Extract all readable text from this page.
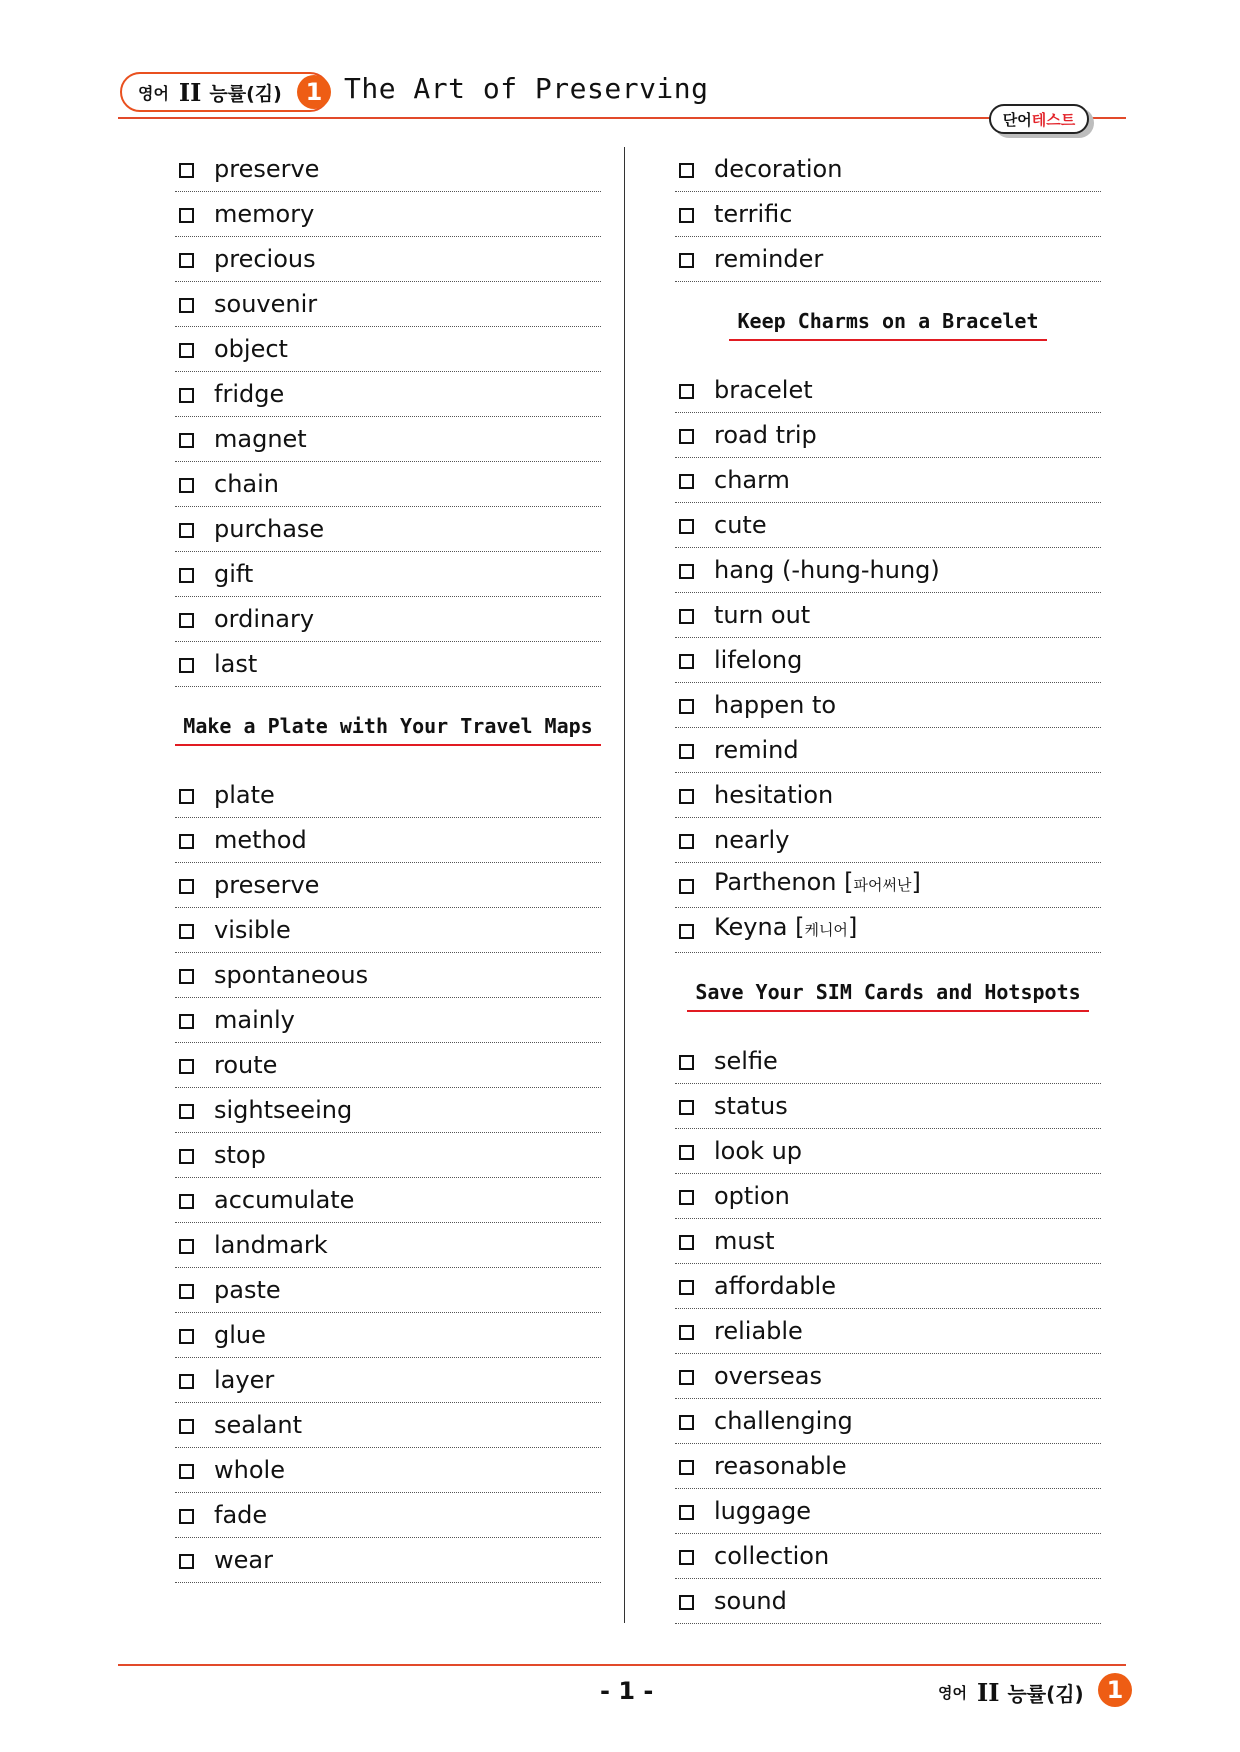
영어 II 능률(김) 1 The Art of Preserving
단어 테스트
preserve
memory
precious
souvenir
object
fridge
magnet
chain
purchase
gift
ordinary
last
Make a Plate with Your Travel Maps
plate
method
preserve
visible
spontaneous
mainly
route
sightseeing
stop
accumulate
landmark
paste
glue
layer
sealant
whole
fade
wear
decoration
terrific
reminder
Keep Charms on a Bracelet
bracelet
road trip
charm
cute
hang (-hung-hung)
turn out
lifelong
happen to
remind
hesitation
nearly
Parthenon [파어써난]
Keyna [케니어]
Save Your SIM Cards and Hotspots
selfie
status
look up
option
must
affordable
reliable
overseas
challenging
reasonable
luggage
collection
sound
- 1 -	영어 II 능률(김) 1
